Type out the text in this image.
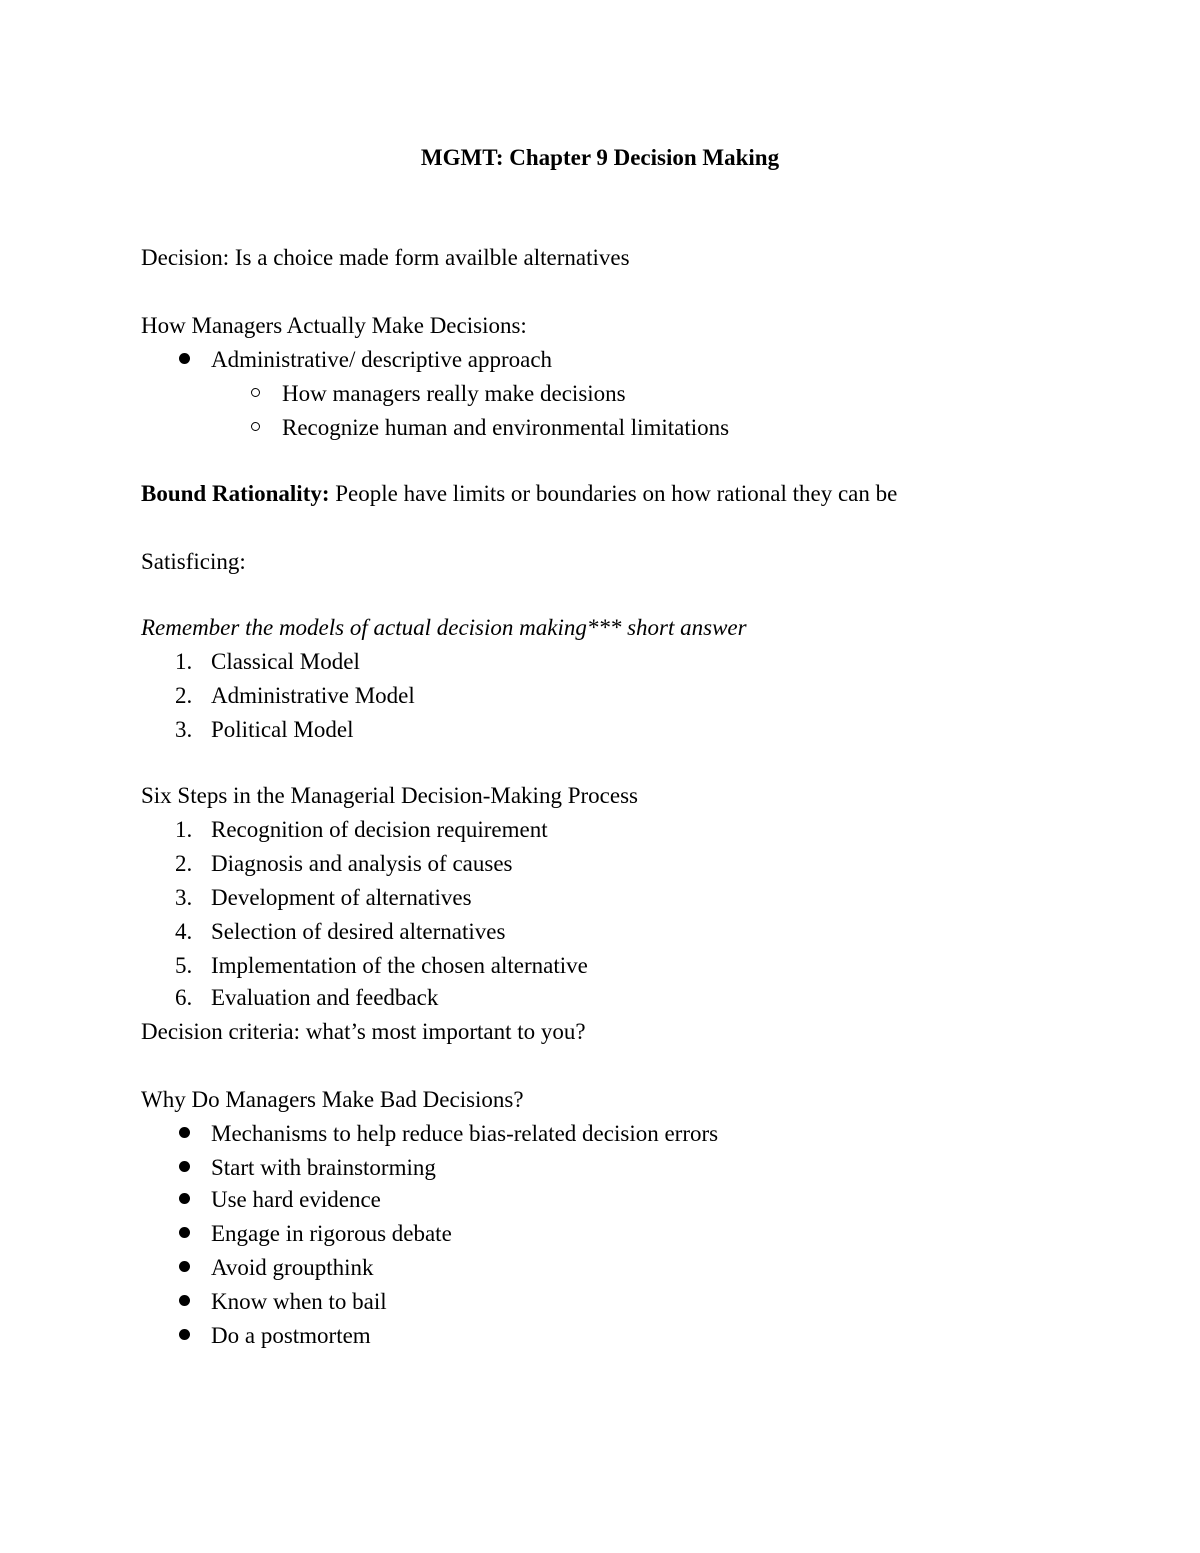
MGMT: Chapter 9 Decision Making
Decision: Is a choice made form availble alternatives
How Managers Actually Make Decisions:
Administrative/ descriptive approach
How managers really make decisions
Recognize human and environmental limitations
Bound Rationality: People have limits or boundaries on how rational they can be
Satisficing:
Remember the models of actual decision making*** short answer
1. Classical Model
2. Administrative Model
3. Political Model
Six Steps in the Managerial Decision-Making Process
1. Recognition of decision requirement
2. Diagnosis and analysis of causes
3. Development of alternatives
4. Selection of desired alternatives
5. Implementation of the chosen alternative
6. Evaluation and feedback
Decision criteria: what’s most important to you?
Why Do Managers Make Bad Decisions?
Mechanisms to help reduce bias-related decision errors
Start with brainstorming
Use hard evidence
Engage in rigorous debate
Avoid groupthink
Know when to bail
Do a postmortem
